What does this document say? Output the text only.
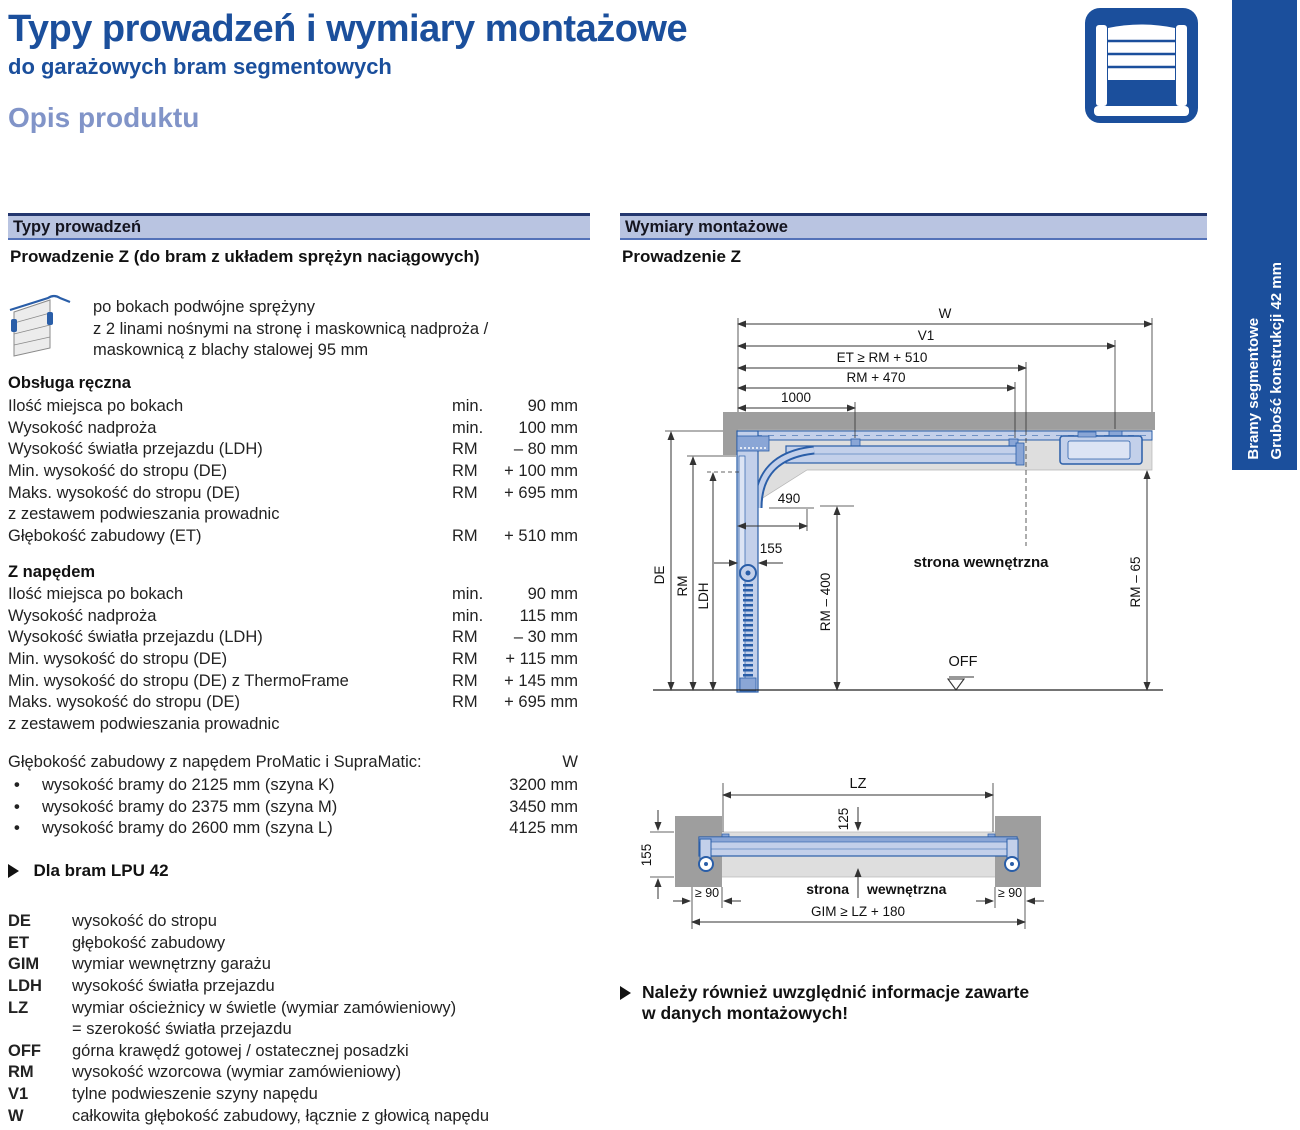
Typy prowadzeń i wymiary montażowe
do garażowych bram segmentowych
Opis produktu
Bramy segmentowe Grubość konstrukcji 42 mm
Typy prowadzeń
Prowadzenie Z (do bram z układem sprężyn naciągowych)
po bokach podwójne sprężyny
z 2 linami nośnymi na stronę i maskownicą nadproża /
maskownicą z blachy stalowej 95 mm
Obsługa ręczna
Ilość miejsca po bokach	min.	90 mm
Wysokość nadproża	min. 100 mm
Wysokość światła przejazdu (LDH)	RM – 80 mm
Min. wysokość do stropu (DE)	RM + 100 mm
Maks. wysokość do stropu (DE)	RM + 695 mm
z zestawem podwieszania prowadnic
Głębokość zabudowy (ET)	RM + 510 mm
Z napędem
Ilość miejsca po bokach	min.	90 mm
Wysokość nadproża	min. 115 mm
Wysokość światła przejazdu (LDH)	RM – 30 mm
Min. wysokość do stropu (DE)	RM + 115 mm
Min. wysokość do stropu (DE) z ThermoFrame	RM + 145 mm
Maks. wysokość do stropu (DE)	RM + 695 mm
z zestawem podwieszania prowadnic
Głębokość zabudowy z napędem ProMatic i SupraMatic:	W
• wysokość bramy do 2125 mm (szyna K)	3200 mm
• wysokość bramy do 2375 mm (szyna M)	3450 mm
• wysokość bramy do 2600 mm (szyna L)	4125 mm
Dla bram LPU 42
DE wysokość do stropu
ET	głębokość zabudowy
GIM wymiar wewnętrzny garażu
LDH wysokość światła przejazdu
LZ	wymiar ościeżnicy w świetle (wymiar zamówieniowy)
= szerokość światła przejazdu
OFF górna krawędź gotowej / ostatecznej posadzki
RM wysokość wzorcowa (wymiar zamówieniowy)
V1	tylne podwieszenie szyny napędu
W	całkowita głębokość zabudowy, łącznie z głowicą napędu
Wymiary montażowe
Prowadzenie Z
W
V1
ET ≥ RM + 510
RM + 470
1000
DE
RM LDH
490
155
RM – 400	RM – 65
strona wewnętrzna
OFF
LZ
125
155
≥ 90	≥ 90
GIM ≥ LZ + 180
strona wewnętrzna
Należy również uwzględnić informacje zawarte
w danych montażowych!
